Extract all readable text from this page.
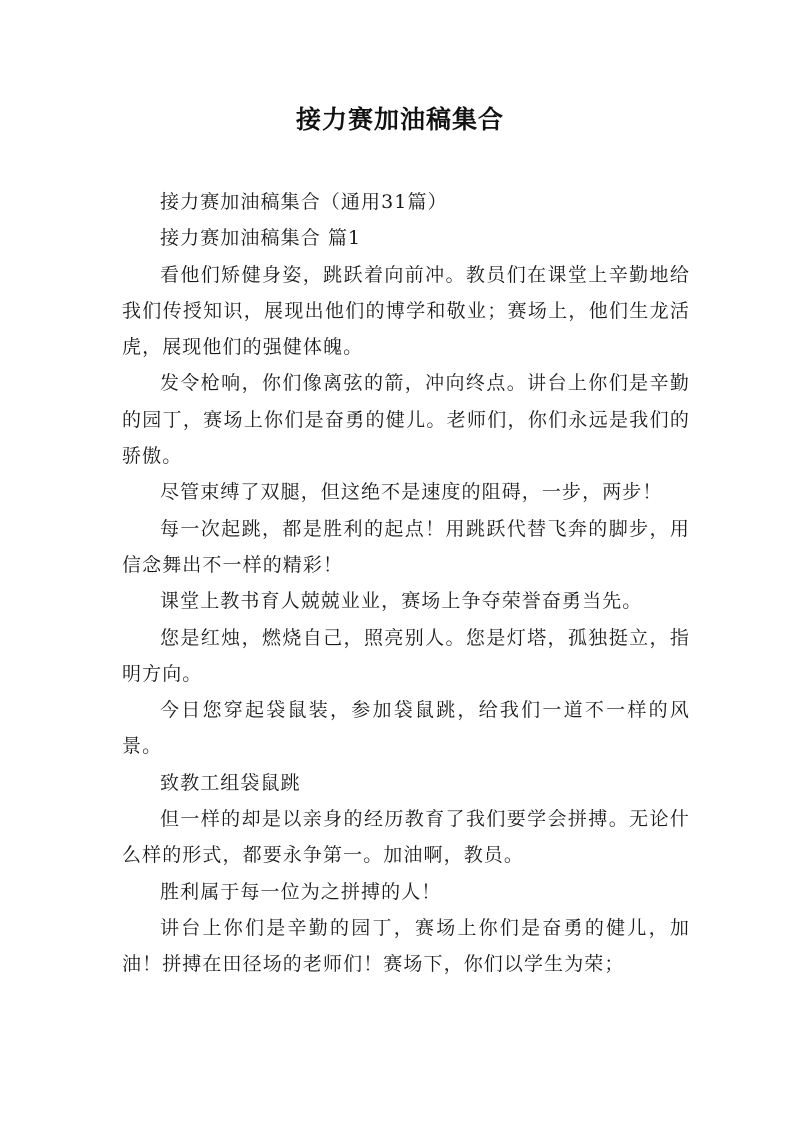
接力赛加油稿集合

接力赛加油稿集合（通用31篇）

接力赛加油稿集合 篇1

看他们矫健身姿，跳跃着向前冲。教员们在课堂上辛勤地给我们传授知识，展现出他们的博学和敬业；赛场上，他们生龙活虎，展现他们的强健体魄。

发令枪响，你们像离弦的箭，冲向终点。讲台上你们是辛勤的园丁，赛场上你们是奋勇的健儿。老师们，你们永远是我们的骄傲。

尽管束缚了双腿，但这绝不是速度的阻碍，一步，两步！

每一次起跳，都是胜利的起点！用跳跃代替飞奔的脚步，用信念舞出不一样的精彩！

课堂上教书育人兢兢业业，赛场上争夺荣誉奋勇当先。

您是红烛，燃烧自己，照亮别人。您是灯塔，孤独挺立，指明方向。

今日您穿起袋鼠装，参加袋鼠跳，给我们一道不一样的风景。

致教工组袋鼠跳

但一样的却是以亲身的经历教育了我们要学会拼搏。无论什么样的形式，都要永争第一。加油啊，教员。

胜利属于每一位为之拼搏的人！

讲台上你们是辛勤的园丁，赛场上你们是奋勇的健儿，加油！拼搏在田径场的老师们！赛场下，你们以学生为荣；
